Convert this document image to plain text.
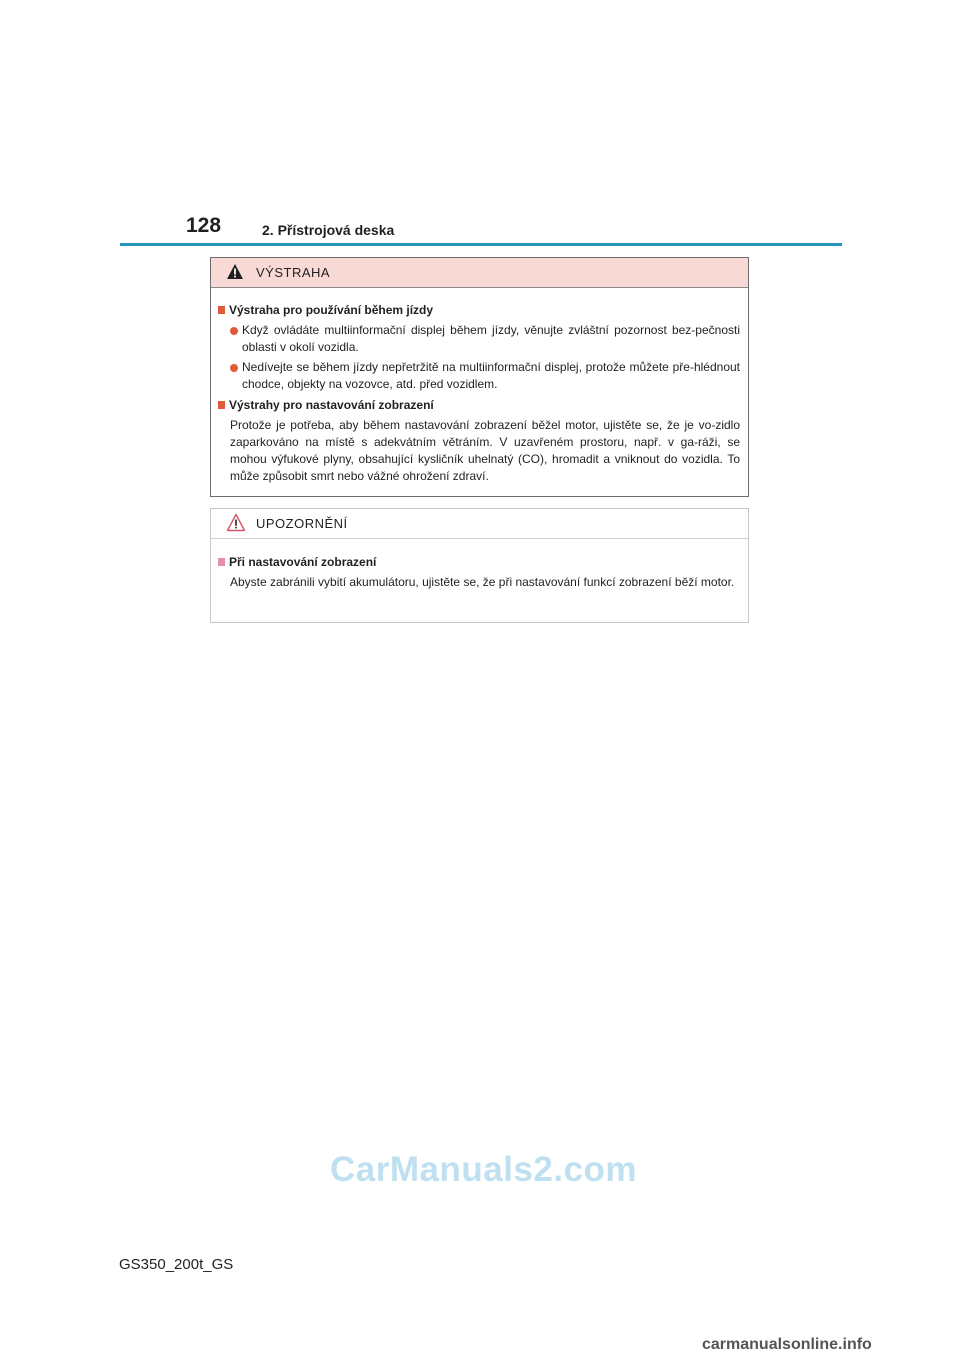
128	2. Přístrojová deska
VÝSTRAHA
Výstraha pro používání během jízdy
Když ovládáte multiinformační displej během jízdy, věnujte zvláštní pozornost bez-pečnosti oblasti v okolí vozidla.
Nedívejte se během jízdy nepřetržitě na multiinformační displej, protože můžete pře-hlédnout chodce, objekty na vozovce, atd. před vozidlem.
Výstrahy pro nastavování zobrazení
Protože je potřeba, aby během nastavování zobrazení běžel motor, ujistěte se, že je vo-zidlo zaparkováno na místě s adekvátním větráním. V uzavřeném prostoru, např. v ga-ráži, se mohou výfukové plyny, obsahující kysličník uhelnatý (CO), hromadit a vniknout do vozidla. To může způsobit smrt nebo vážné ohrožení zdraví.
UPOZORNĚNÍ
Při nastavování zobrazení
Abyste zabránili vybití akumulátoru, ujistěte se, že při nastavování funkcí zobrazení běží motor.
CarManuals2.com
GS350_200t_GS
carmanualsonline.info
